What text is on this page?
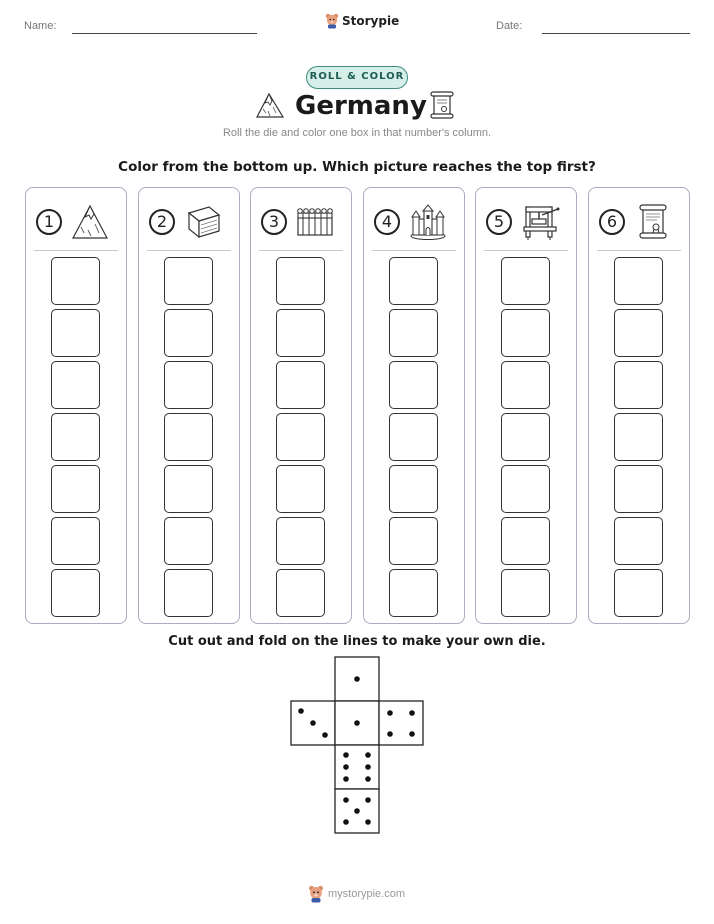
Name:	Storypie	Date:
ROLL & COLOR
Germany
Roll the die and color one box in that number's column.
Color from the bottom up. Which picture reaches the top first?
1	2	3	4	5	6
Cut out and fold on the lines to make your own die.
mystorypie.com
